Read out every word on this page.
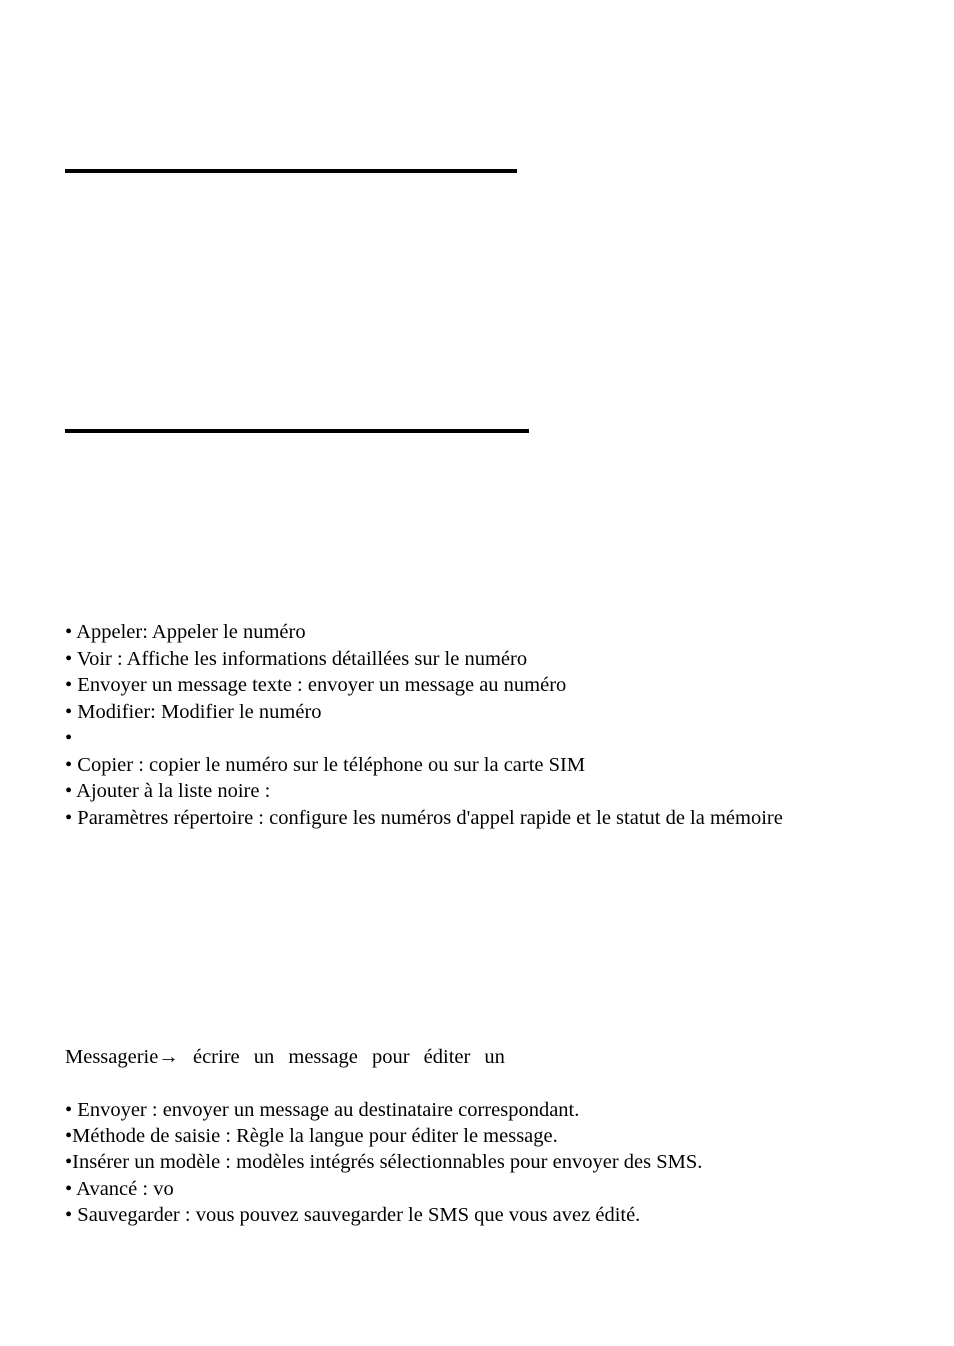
• Appeler: Appeler le numéro
• Voir : Affiche les informations détaillées sur le numéro
• Envoyer un message texte : envoyer un message au numéro
• Modifier: Modifier le numéro
•
• Copier : copier le numéro sur le téléphone ou sur la carte SIM
• Ajouter à la liste noire :
• Paramètres répertoire : configure les numéros d'appel rapide et le statut de la mémoire
Messagerie→ écrire un message pour éditer un
• Envoyer : envoyer un message au destinataire correspondant.
•Méthode de saisie : Règle la langue pour éditer le message.
•Insérer un modèle : modèles intégrés sélectionnables pour envoyer des SMS.
• Avancé : vo
• Sauvegarder : vous pouvez sauvegarder le SMS que vous avez édité.
